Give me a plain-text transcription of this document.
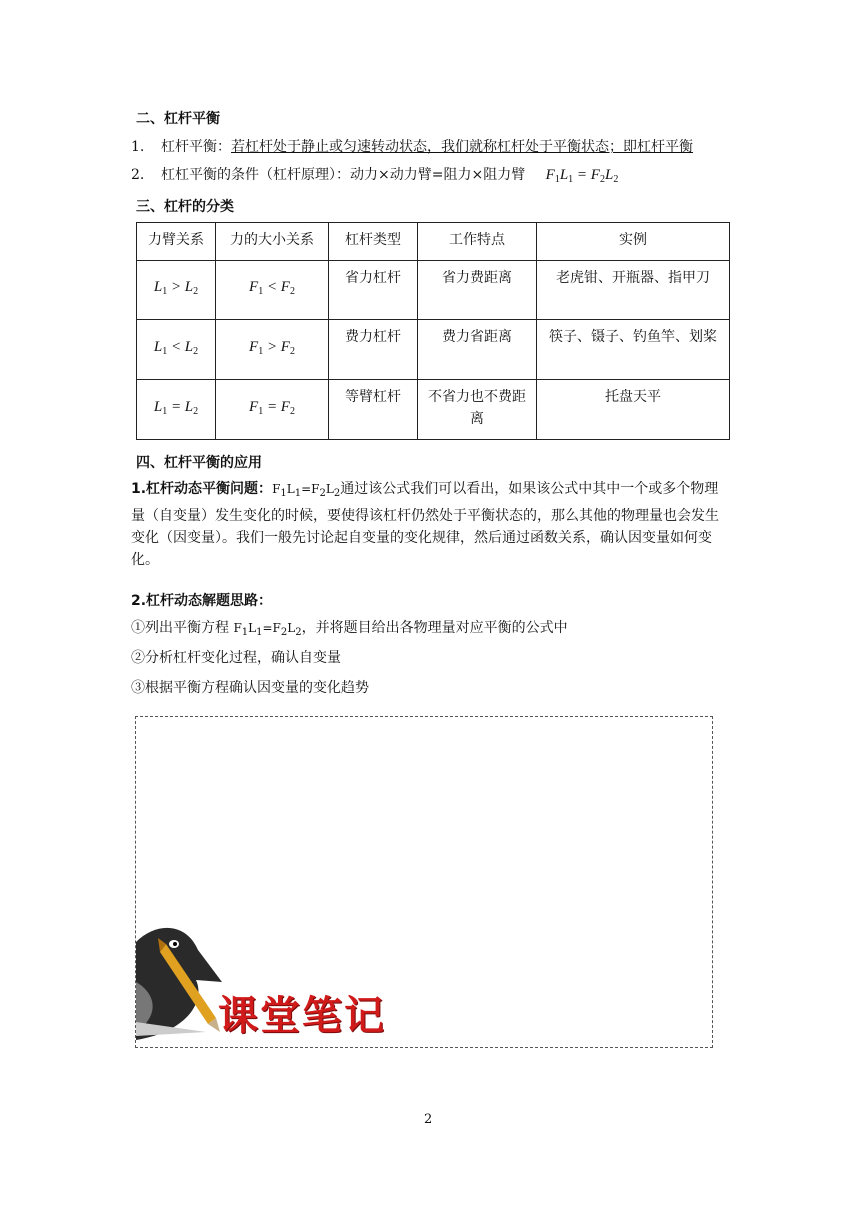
二、杠杆平衡
1. 杠杆平衡：若杠杆处于静止或匀速转动状态，我们就称杠杆处于平衡状态；即杠杆平衡
2. 杠杠平衡的条件（杠杆原理）：动力×动力臂=阻力×阻力臂 $F_1L_1 = F_2L_2$
三、杠杆的分类
力臂关系	力的大小关系	杠杆类型	工作特点	实例
$L_1 > L_2$	$F_1 < F_2$	省力杠杆	省力费距离	老虎钳、开瓶器、指甲刀
$L_1 < L_2$	$F_1 > F_2$	费力杠杆	费力省距离	筷子、镊子、钓鱼竿、划桨
$L_1 = L_2$	$F_1 = F_2$	等臂杠杆	不省力也不费距离	托盘天平
四、杠杆平衡的应用
1.杠杆动态平衡问题：$F_1L_1=F_2L_2$通过该公式我们可以看出，如果该公式中其中一个或多个物理量（自变量）发生变化的时候，要使得该杠杆仍然处于平衡状态的，那么其他的物理量也会发生变化（因变量）。我们一般先讨论起自变量的变化规律，然后通过函数关系，确认因变量如何变化。
2.杠杆动态解题思路：
①列出平衡方程 $F_1L_1=F_2L_2$，并将题目给出各物理量对应平衡的公式中
②分析杠杆变化过程，确认自变量
③根据平衡方程确认因变量的变化趋势
课堂笔记
2
